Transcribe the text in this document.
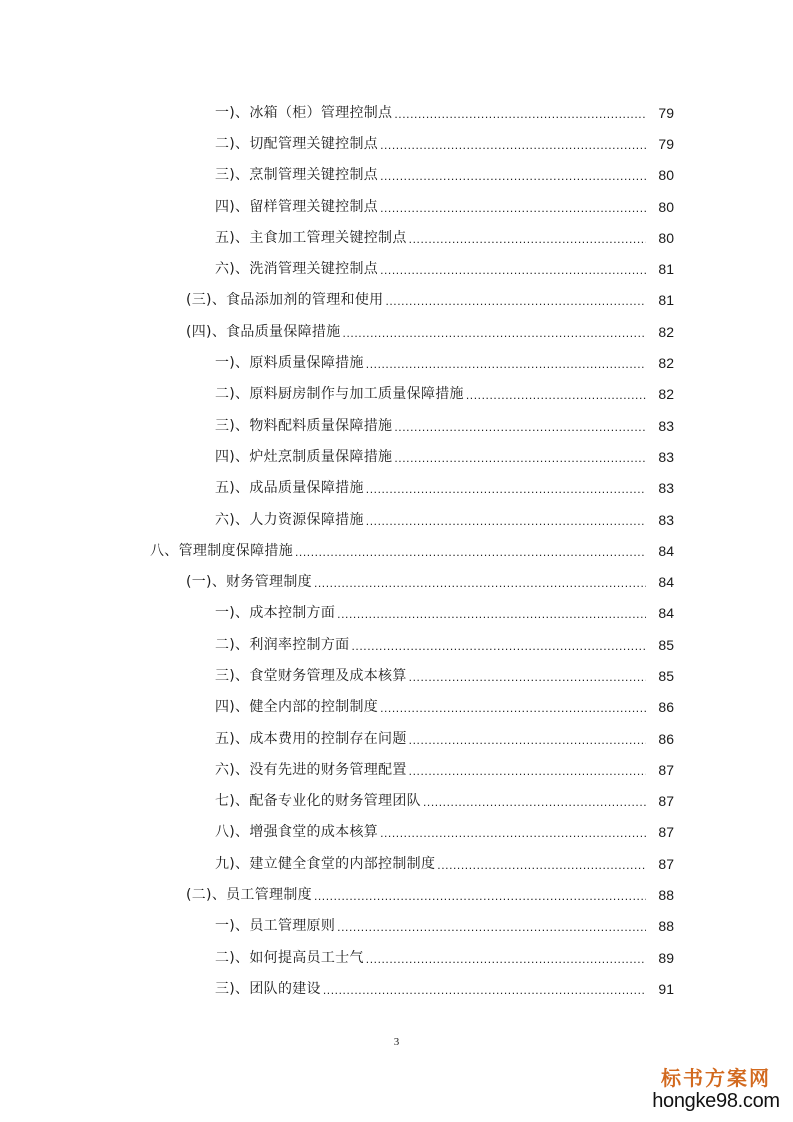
一)、冰箱（柜）管理控制点 .....	79
二)、切配管理关键控制点 .....	79
三)、烹制管理关键控制点 .....	80
四)、留样管理关键控制点 .....	80
五)、主食加工管理关键控制点 .....	80
六)、洗消管理关键控制点 .....	81
(三)、食品添加剂的管理和使用 .....	81
(四)、食品质量保障措施 .....	82
一)、原料质量保障措施 .....	82
二)、原料厨房制作与加工质量保障措施 .....	82
三)、物料配料质量保障措施 .....	83
四)、炉灶烹制质量保障措施 .....	83
五)、成品质量保障措施 .....	83
六)、人力资源保障措施 .....	83
八、管理制度保障措施 .....	84
(一)、财务管理制度 .....	84
一)、成本控制方面 .....	84
二)、利润率控制方面 .....	85
三)、食堂财务管理及成本核算 .....	85
四)、健全内部的控制制度 .....	86
五)、成本费用的控制存在问题 .....	86
六)、没有先进的财务管理配置 .....	87
七)、配备专业化的财务管理团队 .....	87
八)、增强食堂的成本核算 .....	87
九)、建立健全食堂的内部控制制度 .....	87
(二)、员工管理制度 .....	88
一)、员工管理原则 .....	88
二)、如何提高员工士气 .....	89
三)、团队的建设 .....	91
3
标书方案网
hongke98.com
